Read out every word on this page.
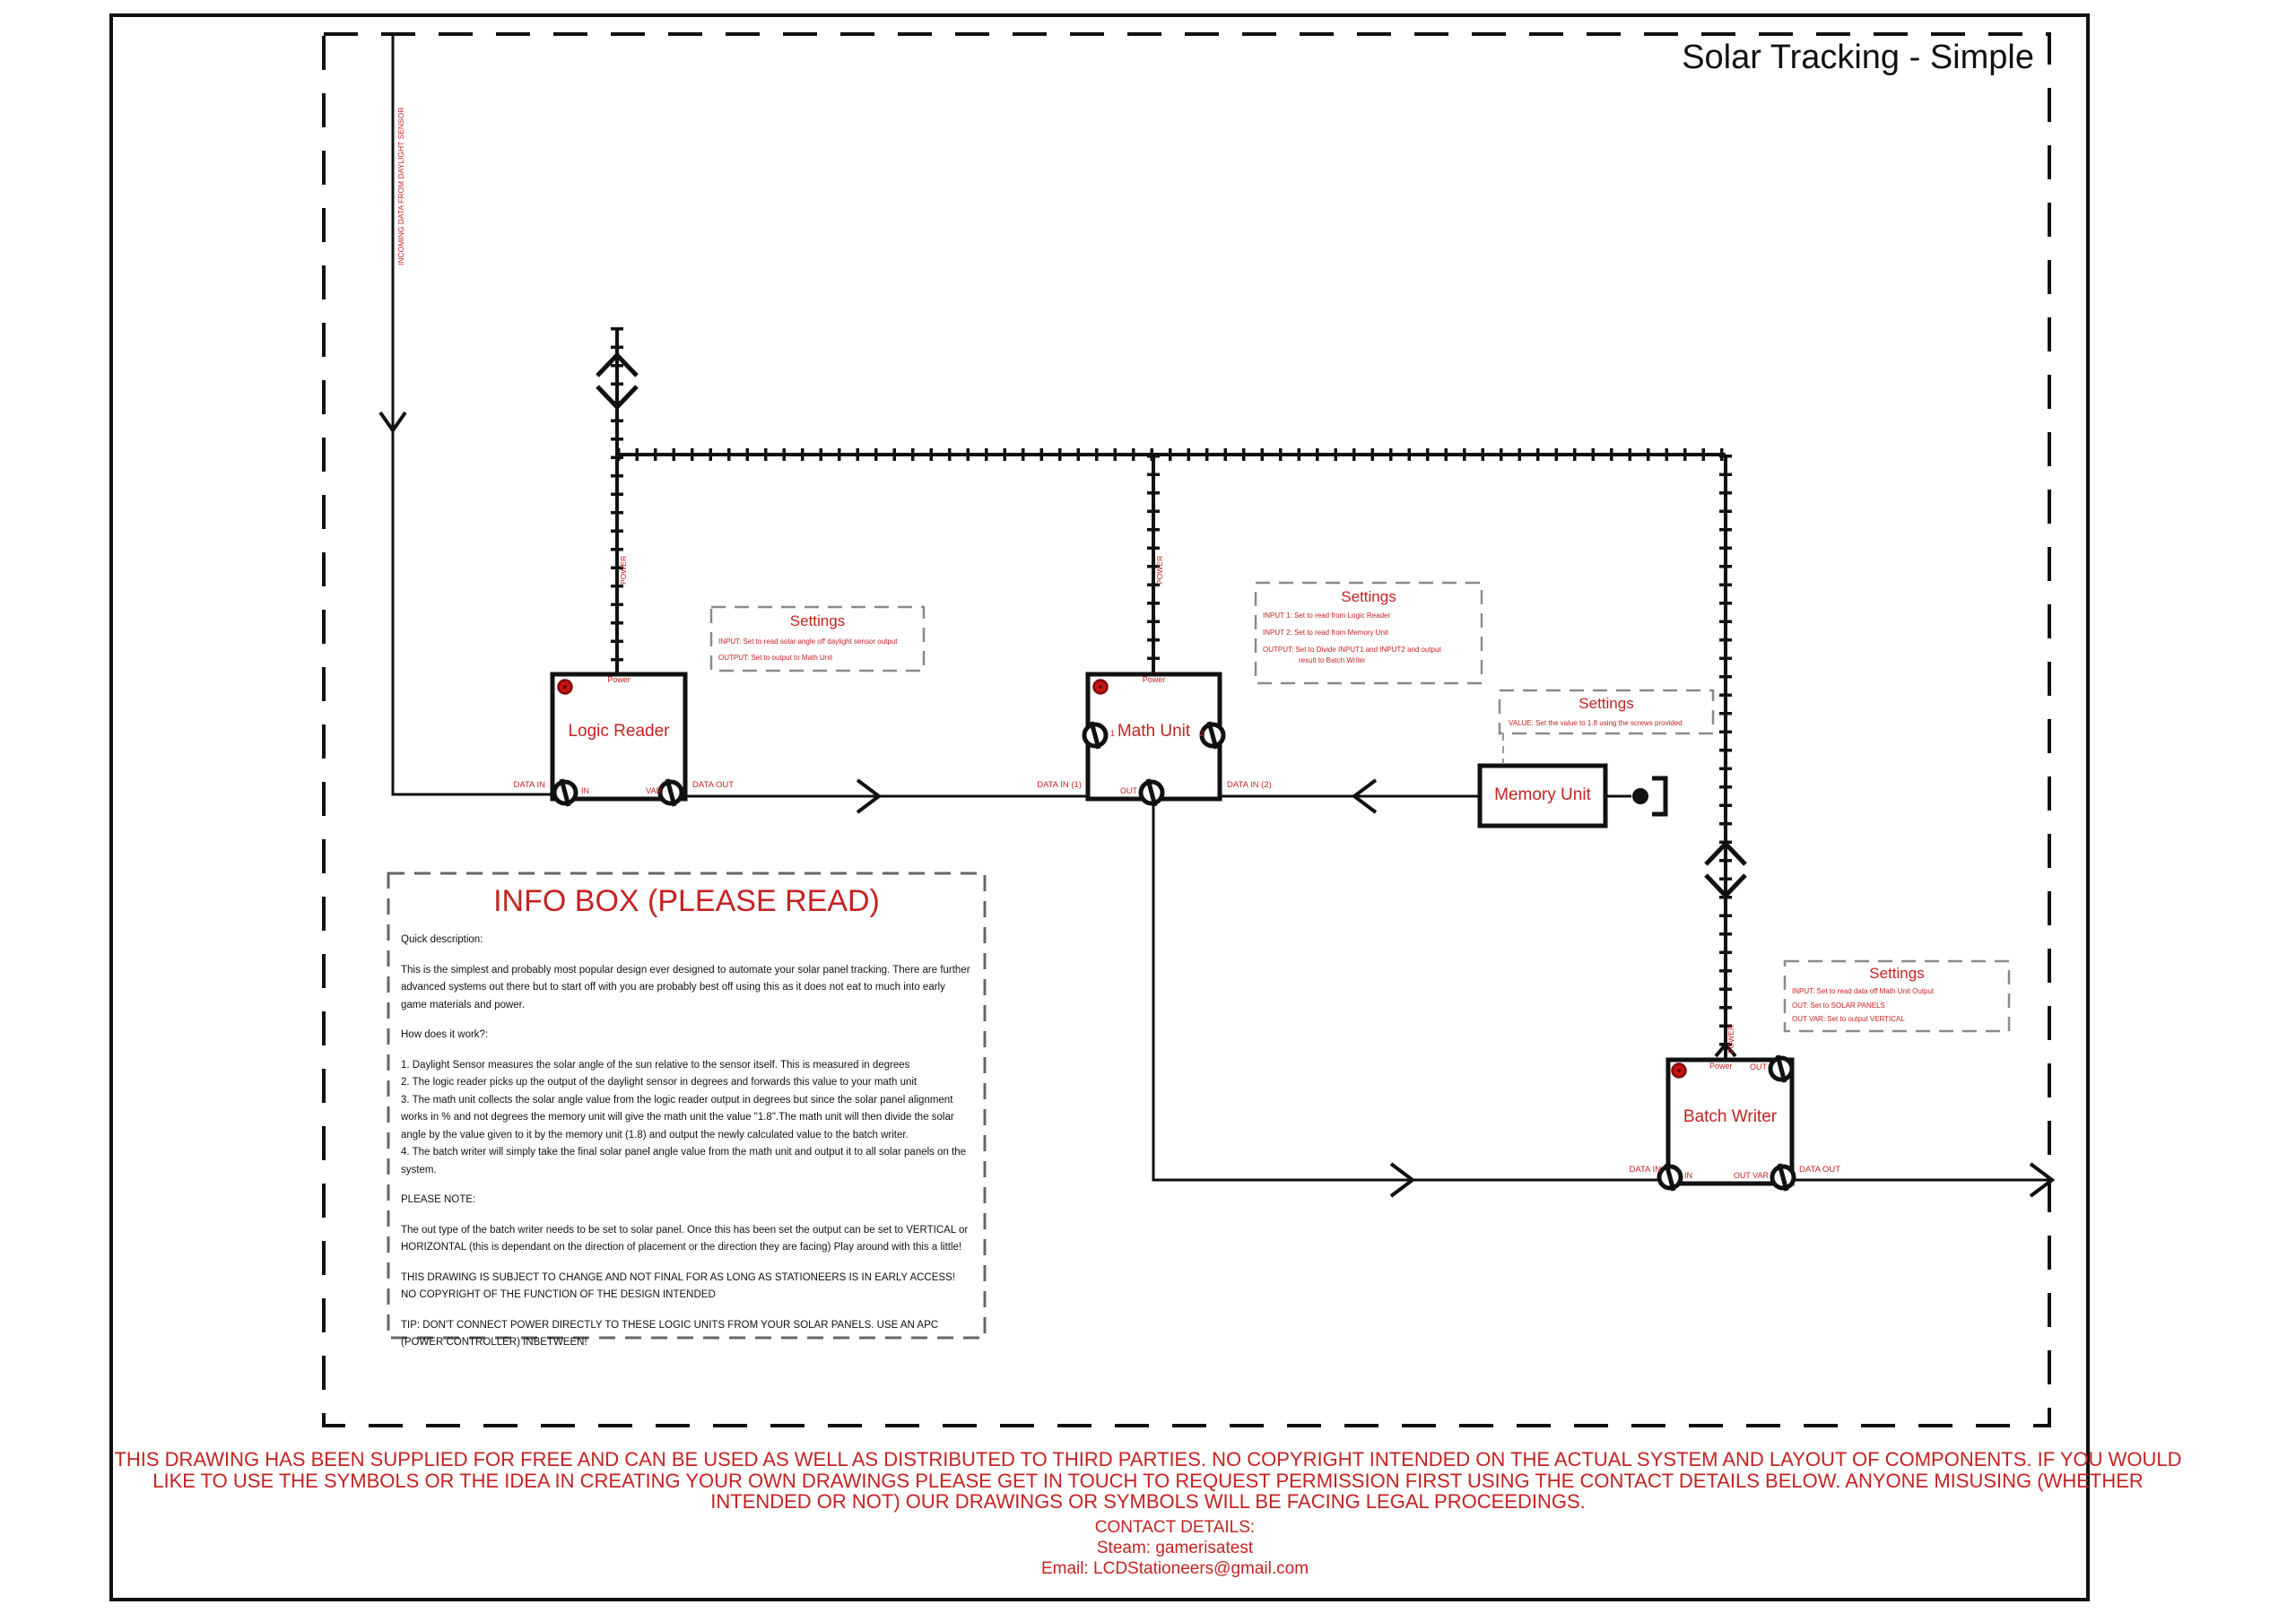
Solar Tracking - Simple
INCOMING DATA FROM DAYLIGHT SENSOR
POWER	POWER
POWER
Logic Reader
Power
IN	VAR
DATA IN	DATA OUT
Math Unit
Power
1	2
OUT
DATA IN (1)	DATA IN (2)
Memory Unit
Batch Writer
Power OUT
IN	OUT VAR
DATA IN	DATA OUT
Settings
INPUT: Set to read solar angle off daylight sensor output
OUTPUT: Set to output to Math Unit
Settings
INPUT 1: Set to read from Logic Reader
INPUT 2: Set to read from Memory Unit
OUTPUT: Set to Divide INPUT1 and INPUT2 and output
result to Batch Writer
Settings
VALUE: Set the value to 1.8 using the screws provided
Settings
INPUT: Set to read data off Math Unit Output
OUT: Set to SOLAR PANELS
OUT VAR: Set to output VERTICAL
INFO BOX (PLEASE READ)

Quick description:

This is the simplest and probably most popular design ever designed to automate your solar panel tracking. There are further advanced systems out there but to start off with you are probably best off using this as it does not eat to much into early game materials and power.

How does it work?:

1. Daylight Sensor measures the solar angle of the sun relative to the sensor itself. This is measured in degrees

2. The logic reader picks up the output of the daylight sensor in degrees and forwards this value to your math unit

3. The math unit collects the solar angle value from the logic reader output in degrees but since the solar panel alignment works in % and not degrees the memory unit will give the math unit the value "1.8".The math unit will then divide the solar angle by the value given to it by the memory unit (1.8) and output the newly calculated value to the batch writer.

4. The batch writer will simply take the final solar panel angle value from the math unit and output it to all solar panels on the system.

PLEASE NOTE:

The out type of the batch writer needs to be set to solar panel. Once this has been set the output can be set to VERTICAL or HORIZONTAL (this is dependant on the direction of placement or the direction they are facing) Play around with this a little!

THIS DRAWING IS SUBJECT TO CHANGE AND NOT FINAL FOR AS LONG AS STATIONEERS IS IN EARLY ACCESS! NO COPYRIGHT OF THE FUNCTION OF THE DESIGN INTENDED

TIP: DON'T CONNECT POWER DIRECTLY TO THESE LOGIC UNITS FROM YOUR SOLAR PANELS. USE AN APC (POWER CONTROLLER) INBETWEEN!

THIS DRAWING HAS BEEN SUPPLIED FOR FREE AND CAN BE USED AS WELL AS DISTRIBUTED TO THIRD PARTIES. NO COPYRIGHT INTENDED ON THE ACTUAL SYSTEM AND LAYOUT OF COMPONENTS. IF YOU WOULD LIKE TO USE THE SYMBOLS OR THE IDEA IN CREATING YOUR OWN DRAWINGS PLEASE GET IN TOUCH TO REQUEST PERMISSION FIRST USING THE CONTACT DETAILS BELOW. ANYONE MISUSING (WHETHER INTENDED OR NOT) OUR DRAWINGS OR SYMBOLS WILL BE FACING LEGAL PROCEEDINGS.
CONTACT DETAILS:
Steam: gamerisatest
Email: LCDStationeers@gmail.com
